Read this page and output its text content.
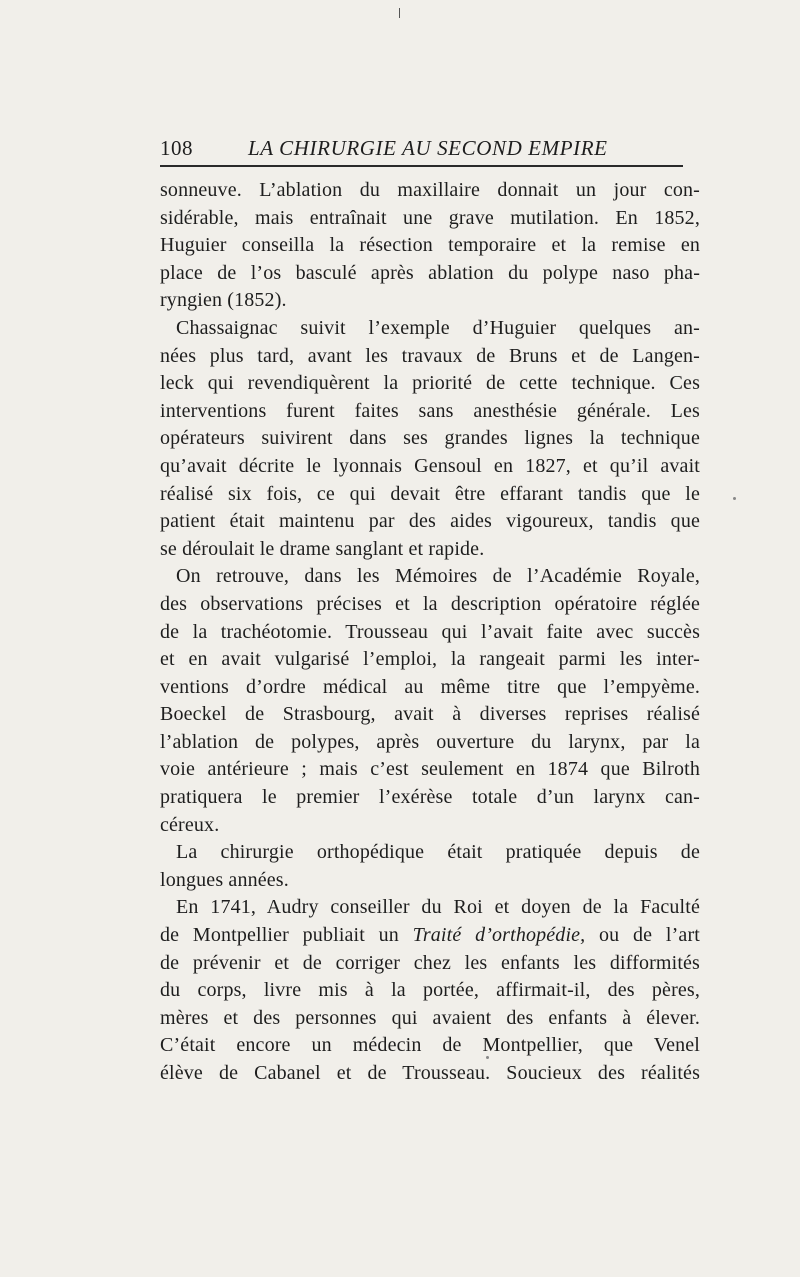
108	LA CHIRURGIE AU SECOND EMPIRE
sonneuve. L’ablation du maxillaire donnait un jour con-
sidérable, mais entraînait une grave mutilation. En 1852,
Huguier conseilla la résection temporaire et la remise en
place de l’os basculé après ablation du polype naso pha-
ryngien (1852).
Chassaignac suivit l’exemple d’Huguier quelques an-
nées plus tard, avant les travaux de Bruns et de Langen-
leck qui revendiquèrent la priorité de cette technique. Ces
interventions furent faites sans anesthésie générale. Les
opérateurs suivirent dans ses grandes lignes la technique
qu’avait décrite le lyonnais Gensoul en 1827, et qu’il avait
réalisé six fois, ce qui devait être effarant tandis que le
patient était maintenu par des aides vigoureux, tandis que
se déroulait le drame sanglant et rapide.
On retrouve, dans les Mémoires de l’Académie Royale,
des observations précises et la description opératoire réglée
de la trachéotomie. Trousseau qui l’avait faite avec succès
et en avait vulgarisé l’emploi, la rangeait parmi les inter-
ventions d’ordre médical au même titre que l’empyème.
Boeckel de Strasbourg, avait à diverses reprises réalisé
l’ablation de polypes, après ouverture du larynx, par la
voie antérieure ; mais c’est seulement en 1874 que Bilroth
pratiquera le premier l’exérèse totale d’un larynx can-
céreux.
La chirurgie orthopédique était pratiquée depuis de
longues années.
En 1741, Audry conseiller du Roi et doyen de la Faculté
de Montpellier publiait un Traité d’orthopédie, ou de l’art
de prévenir et de corriger chez les enfants les difformités
du corps, livre mis à la portée, affirmait-il, des pères,
mères et des personnes qui avaient des enfants à élever.
C’était encore un médecin de Montpellier, que Venel
élève de Cabanel et de Trousseau. Soucieux des réalités
